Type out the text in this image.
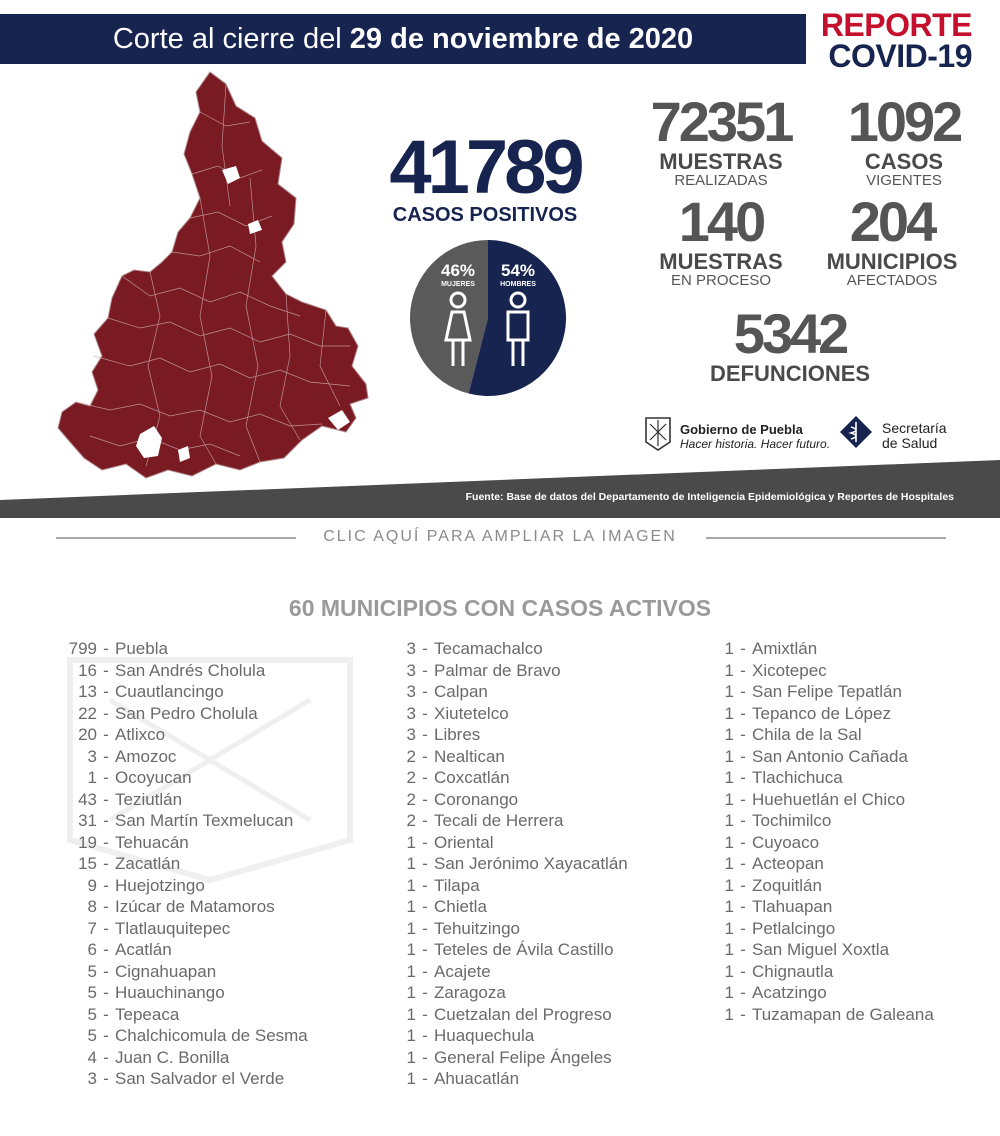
Corte al cierre del 29 de noviembre de 2020	REPORTE
COVID-19
41789
CASOS POSITIVOS
46%
MUJERES
54%
HOMBRES
72351
MUESTRAS
REALIZADAS
1092
CASOS
VIGENTES
140
MUESTRAS
EN PROCESO
204
MUNICIPIOS
AFECTADOS
5342
DEFUNCIONES
Gobierno de Puebla
Hacer historia. Hacer futuro.
Secretaría
de Salud
Fuente: Base de datos del Departamento de Inteligencia Epidemiológica y Reportes de Hospitales
CLIC AQUÍ PARA AMPLIAR LA IMAGEN
60 MUNICIPIOS CON CASOS ACTIVOS
799 - Puebla
16 - San Andrés Cholula
13 - Cuautlancingo
22 - San Pedro Cholula
20 - Atlixco
3 - Amozoc
1 - Ocoyucan
43 - Teziutlán
31 - San Martín Texmelucan
19 - Tehuacán
15 - Zacatlán
9 - Huejotzingo
8 - Izúcar de Matamoros
7 - Tlatlauquitepec
6 - Acatlán
5 - Cignahuapan
5 - Huauchinango
5 - Tepeaca
5 - Chalchicomula de Sesma
4 - Juan C. Bonilla
3 - San Salvador el Verde
3 - Tecamachalco
3 - Palmar de Bravo
3 - Calpan
3 - Xiutetelco
3 - Libres
2 - Nealtican
2 - Coxcatlán
2 - Coronango
2 - Tecali de Herrera
1 - Oriental
1 - San Jerónimo Xayacatlán
1 - Tilapa
1 - Chietla
1 - Tehuitzingo
1 - Teteles de Ávila Castillo
1 - Acajete
1 - Zaragoza
1 - Cuetzalan del Progreso
1 - Huaquechula
1 - General Felipe Ángeles
1 - Ahuacatlán
1 - Amixtlán
1 - Xicotepec
1 - San Felipe Tepatlán
1 - Tepanco de López
1 - Chila de la Sal
1 - San Antonio Cañada
1 - Tlachichuca
1 - Huehuetlán el Chico
1 - Tochimilco
1 - Cuyoaco
1 - Acteopan
1 - Zoquitlán
1 - Tlahuapan
1 - Petlalcingo
1 - San Miguel Xoxtla
1 - Chignautla
1 - Acatzingo
1 - Tuzamapan de Galeana
